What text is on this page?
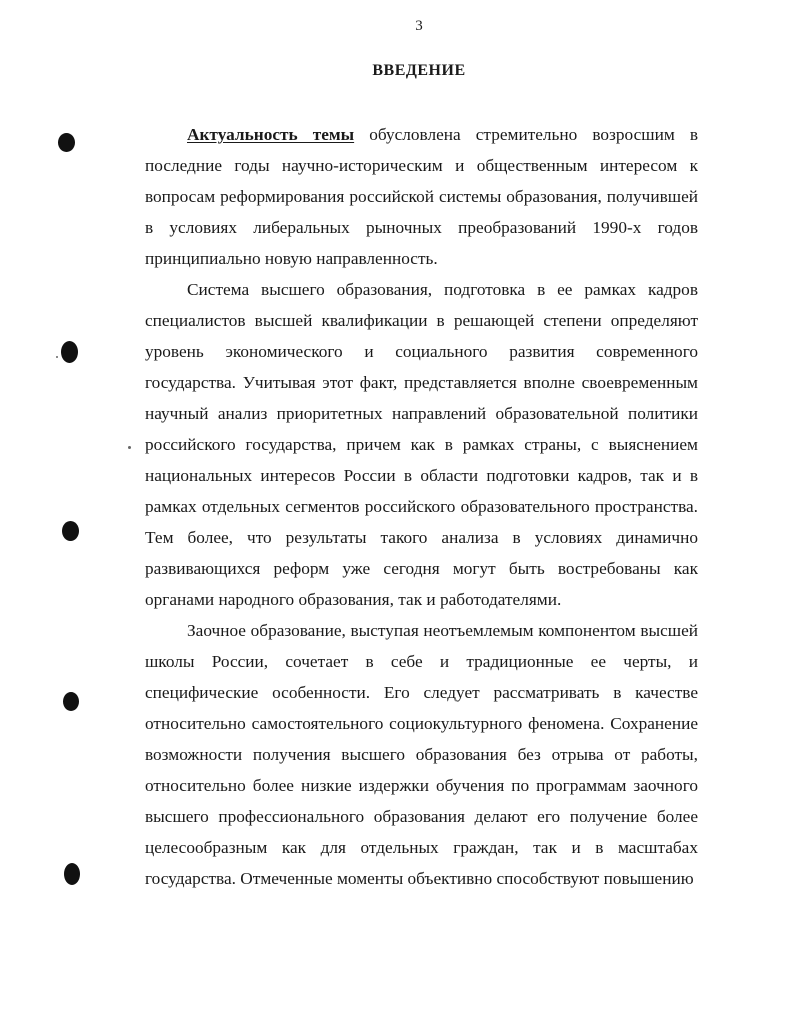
3
ВВЕДЕНИЕ

Актуальность темы обусловлена стремительно возросшим в последние годы научно-историческим и общественным интересом к вопросам реформирования российской системы образования, получившей в условиях либеральных рыночных преобразований 1990-х годов принципиально новую направленность.

Система высшего образования, подготовка в ее рамках кадров специалистов высшей квалификации в решающей степени определяют уровень экономического и социального развития современного государства. Учитывая этот факт, представляется вполне своевременным научный анализ приоритетных направлений образовательной политики российского государства, причем как в рамках страны, с выяснением национальных интересов России в области подготовки кадров, так и в рамках отдельных сегментов российского образовательного пространства. Тем более, что результаты такого анализа в условиях динамично развивающихся реформ уже сегодня могут быть востребованы как органами народного образования, так и работодателями.

Заочное образование, выступая неотъемлемым компонентом высшей школы России, сочетает в себе и традиционные ее черты, и специфические особенности. Его следует рассматривать в качестве относительно самостоятельного социокультурного феномена. Сохранение возможности получения высшего образования без отрыва от работы, относительно более низкие издержки обучения по программам заочного высшего профессионального образования делают его получение более целесообразным как для отдельных граждан, так и в масштабах государства. Отмеченные моменты объективно способствуют повышению
